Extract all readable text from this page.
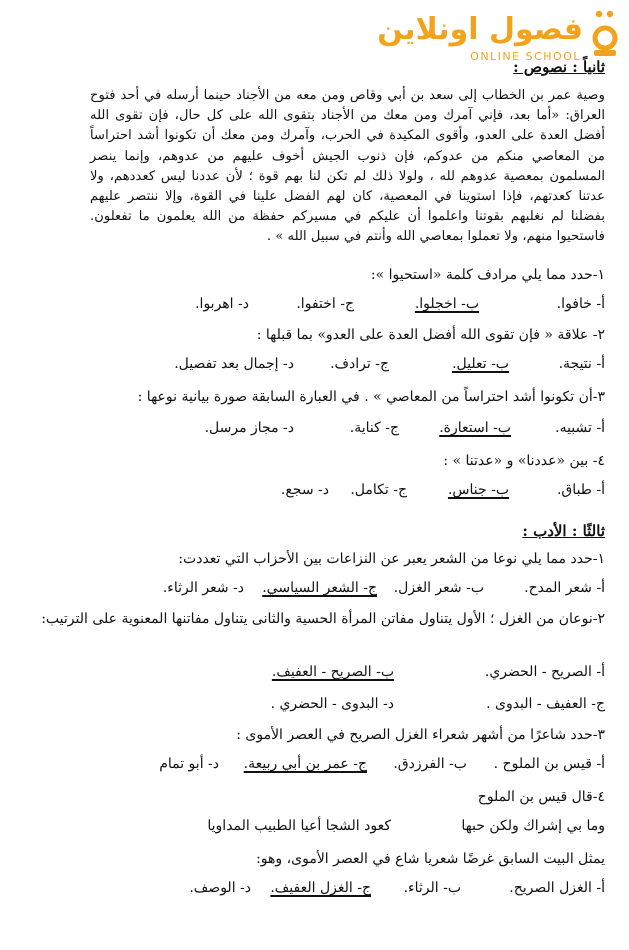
فصول اونلاين
ONLINE SCHOOL
ثانياً : نصوص :
وصية عمر بن الخطاب إلى سعد بن أبي وقاص ومن معه من الأجناد حينما أرسله في أحد فتوح العراق: «أما بعد، فإني آمرك ومن معك من الأجناد بتقوى الله على كل حال، فإن تقوى الله أفضل العدة على العدو، وأقوى المكيدة في الحرب، وآمرك ومن معك أن تكونوا أشد احتراساً من المعاصي منكم من عدوكم، فإن ذنوب الجيش أخوف عليهم من عدوهم، وإنما ينصر المسلمون بمعصية عدوهم لله ، ولولا ذلك لم تكن لنا بهم قوة ؛ لأن عددنا ليس كعددهم، ولا عدتنا كعدتهم، فإذا استوينا في المعصية، كان لهم الفضل علينا في القوة، وإلا ننتصر عليهم بفضلنا لم نغلبهم بقوتنا واعلموا أن عليكم في مسيركم حفظة من الله يعلمون ما تفعلون. فاستحيوا منهم، ولا تعملوا بمعاصي الله وأنتم في سبيل الله » .
١-حدد مما يلي مرادف كلمة «استحيوا »:
أ- خافوا.
ب- اخجلوا.
ج- اختفوا.
د- اهربوا.
٢- علاقة « فإن تقوى الله أفضل العدة على العدو» بما قبلها :
أ- نتيجة.
ب- تعليل.
ج- ترادف.
د- إجمال بعد تفصيل.
٣-أن تكونوا أشد احتراساً من المعاصي » . في العبارة السابقة صورة بيانية نوعها :
أ- تشبيه.
ب- استعارة.
ج- كناية.
د- مجاز مرسل.
٤- بين «عددنا» و «عدتنا » :
أ- طباق.
ب- جناس.
ج- تكامل.
د- سجع.
ثالثًا : الأدب :
١-حدد مما يلي نوعا من الشعر يعبر عن النزاعات بين الأحزاب التي تعددت:
أ- شعر المدح.
ب- شعر الغزل.
ج- الشعر السياسي.
د- شعر الرثاء.
٢-نوعان من الغزل ؛ الأول يتناول مفاتن المرأة الحسية والثانى يتناول مفاتنها المعنوية على الترتيب:
أ- الصريح - الحضري.
ب- الصريح - العفيف.
ج- العفيف - البدوى .
د- البدوى - الحضري .
٣-حدد شاعرًا من أشهر شعراء الغزل الصريح في العصر الأموى :
أ- قيس بن الملوح .
ب- الفرزدق.
ج- عمر بن أبي ربيعة.
د- أبو تمام
٤-قال قيس بن الملوح
وما بي إشراك ولكن حبها
كعود الشجا أعيا الطبيب المداويا
يمثل البيت السابق غرضًا شعريا شاع في العصر الأموى، وهو:
أ- الغزل الصريح.
ب- الرثاء.
ج- الغزل العفيف.
د- الوصف.
